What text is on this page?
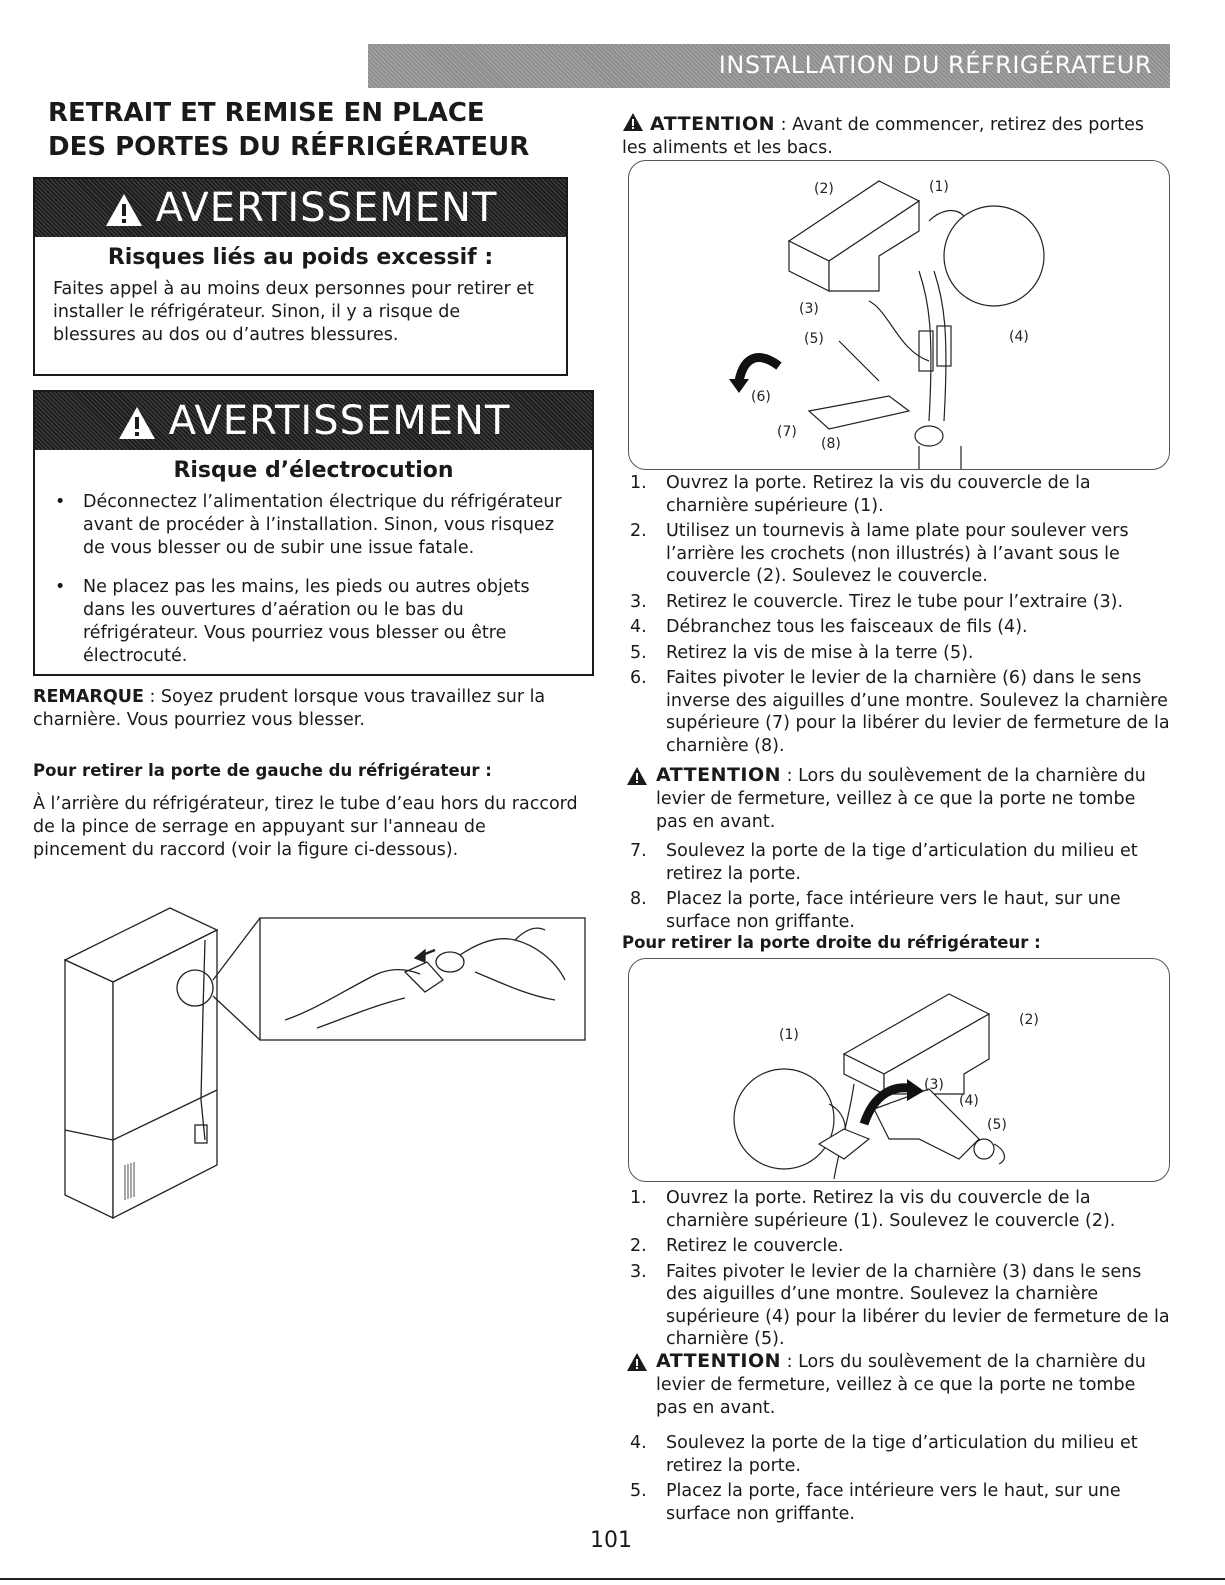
INSTALLATION DU RÉFRIGÉRATEUR
RETRAIT ET REMISE EN PLACE
DES PORTES DU RÉFRIGÉRATEUR
AVERTISSEMENT
Risques liés au poids excessif :
Faites appel à au moins deux personnes pour retirer et installer le réfrigérateur. Sinon, il y a risque de blessures au dos ou d’autres blessures.
AVERTISSEMENT
Risque d’électrocution
• Déconnectez l’alimentation électrique du réfrigérateur avant de procéder à l’installation. Sinon, vous risquez de vous blesser ou de subir une issue fatale.
• Ne placez pas les mains, les pieds ou autres objets dans les ouvertures d’aération ou le bas du réfrigérateur. Vous pourriez vous blesser ou être électrocuté.
REMARQUE : Soyez prudent lorsque vous travaillez sur la charnière. Vous pourriez vous blesser.
Pour retirer la porte de gauche du réfrigérateur :
À l’arrière du réfrigérateur, tirez le tube d’eau hors du raccord de la pince de serrage en appuyant sur l'anneau de pincement du raccord (voir la figure ci-dessous).
ATTENTION : Avant de commencer, retirez des portes les aliments et les bacs.
(1)
(2)
(3)
(4)
(5)
(6)
(7)
(8)
1. Ouvrez la porte. Retirez la vis du couvercle de la charnière supérieure (1).
2. Utilisez un tournevis à lame plate pour soulever vers l’arrière les crochets (non illustrés) à l’avant sous le couvercle (2). Soulevez le couvercle.
3. Retirez le couvercle. Tirez le tube pour l’extraire (3).
4. Débranchez tous les faisceaux de fils (4).
5. Retirez la vis de mise à la terre (5).
6. Faites pivoter le levier de la charnière (6) dans le sens inverse des aiguilles d’une montre. Soulevez la charnière supérieure (7) pour la libérer du levier de fermeture de la charnière (8).
ATTENTION : Lors du soulèvement de la charnière du levier de fermeture, veillez à ce que la porte ne tombe pas en avant.
7. Soulevez la porte de la tige d’articulation du milieu et retirez la porte.
8. Placez la porte, face intérieure vers le haut, sur une surface non griffante.
Pour retirer la porte droite du réfrigérateur :
(1)
(2)
(3)
(4)
(5)
1. Ouvrez la porte. Retirez la vis du couvercle de la charnière supérieure (1). Soulevez le couvercle (2).
2. Retirez le couvercle.
3. Faites pivoter le levier de la charnière (3) dans le sens des aiguilles d’une montre. Soulevez la charnière supérieure (4) pour la libérer du levier de fermeture de la charnière (5).
ATTENTION : Lors du soulèvement de la charnière du levier de fermeture, veillez à ce que la porte ne tombe pas en avant.
4. Soulevez la porte de la tige d’articulation du milieu et retirez la porte.
5. Placez la porte, face intérieure vers le haut, sur une surface non griffante.
101
